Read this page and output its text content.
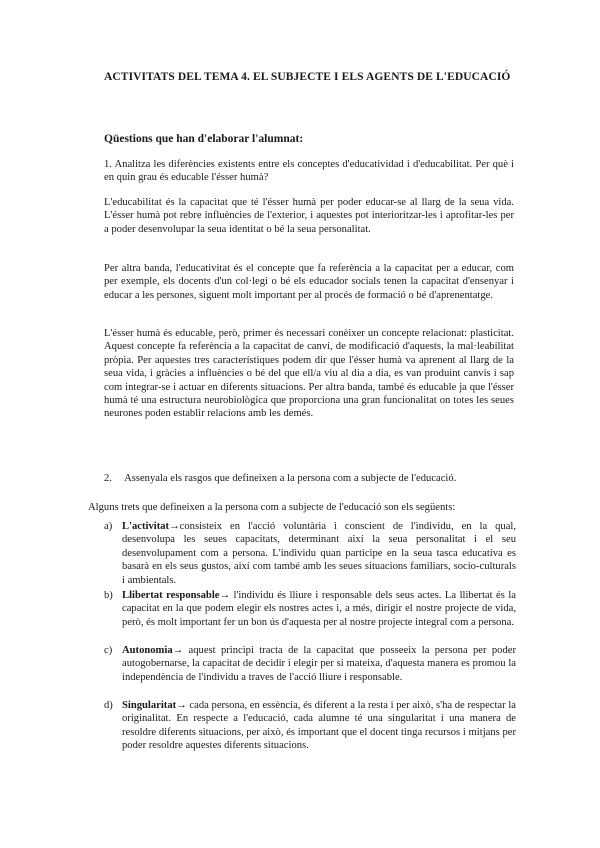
ACTIVITATS DEL TEMA 4. EL SUBJECTE I ELS AGENTS DE L'EDUCACIÓ
Qüestions que han d'elaborar l'alumnat:
1. Analitza les diferències existents entre els conceptes d'educatividad i d'educabilitat. Per què i en quin grau és educable l'ésser humà?
L'educabilitat és la capacitat que té l'ésser humà per poder educar-se al llarg de la seua vida. L'ésser humà pot rebre influències de l'exterior, i aquestes pot interioritzar-les i aprofitar-les per a poder desenvolupar la seua identitat o bé la seua personalitat.
Per altra banda, l'educativitat és el concepte que fa referència a la capacitat per a educar, com per exemple, els docents d'un col·legi o bé els educador socials tenen la capacitat d'ensenyar i educar a les persones, siguent molt important per al procés de formació o bé d'aprenentatge.
L'ésser humà és educable, però, primer és necessari conèixer un concepte relacionat: plasticitat. Aquest concepte fa referència a la capacitat de canvi, de modificació d'aquests, la mal·leabilitat pròpia. Per aquestes tres característiques podem dir que l'ésser humà va aprenent al llarg de la seua vida, i gràcies a influències o bé del que ell/a viu al dia a dia, es van produint canvis i sap com integrar-se i actuar en diferents situacions. Per altra banda, també és educable ja que l'ésser humà té una estructura neurobiològica que proporciona una gran funcionalitat on totes les seues neurones poden establir relacions amb les demés.
2. Assenyala els rasgos que defineixen a la persona com a subjecte de l'educació.
Alguns trets que defineixen a la persona com a subjecte de l'educació son els següents:
a) L'activitat→consisteix en l'acció voluntària i conscient de l'individu, en la qual, desenvolupa les seues capacitats, determinant així la seua personalitat i el seu desenvolupament com a persona. L'individu quan participe en la seua tasca educativa es basarà en els seus gustos, així com també amb les seues situacions familiars, socio-culturals i ambientals.
b) Llibertat responsable→ l'individu és lliure i responsable dels seus actes. La llibertat és la capacitat en la que podem elegir els nostres actes i, a més, dirigir el nostre projecte de vida, però, és molt important fer un bon ús d'aquesta per al nostre projecte integral com a persona.
c) Autonomia→ aquest principi tracta de la capacitat que posseeix la persona per poder autogobernarse, la capacitat de decidir i elegir per si mateixa, d'aquesta manera es promou la independència de l'individu a traves de l'acció lliure i responsable.
d) Singularitat→ cada persona, en essència, és diferent a la resta i per això, s'ha de respectar la originalitat. En respecte a l'educació, cada alumne té una singularitat i una manera de resoldre diferents situacions, per això, és important que el docent tinga recursos i mitjans per poder resoldre aquestes diferents situacions.
